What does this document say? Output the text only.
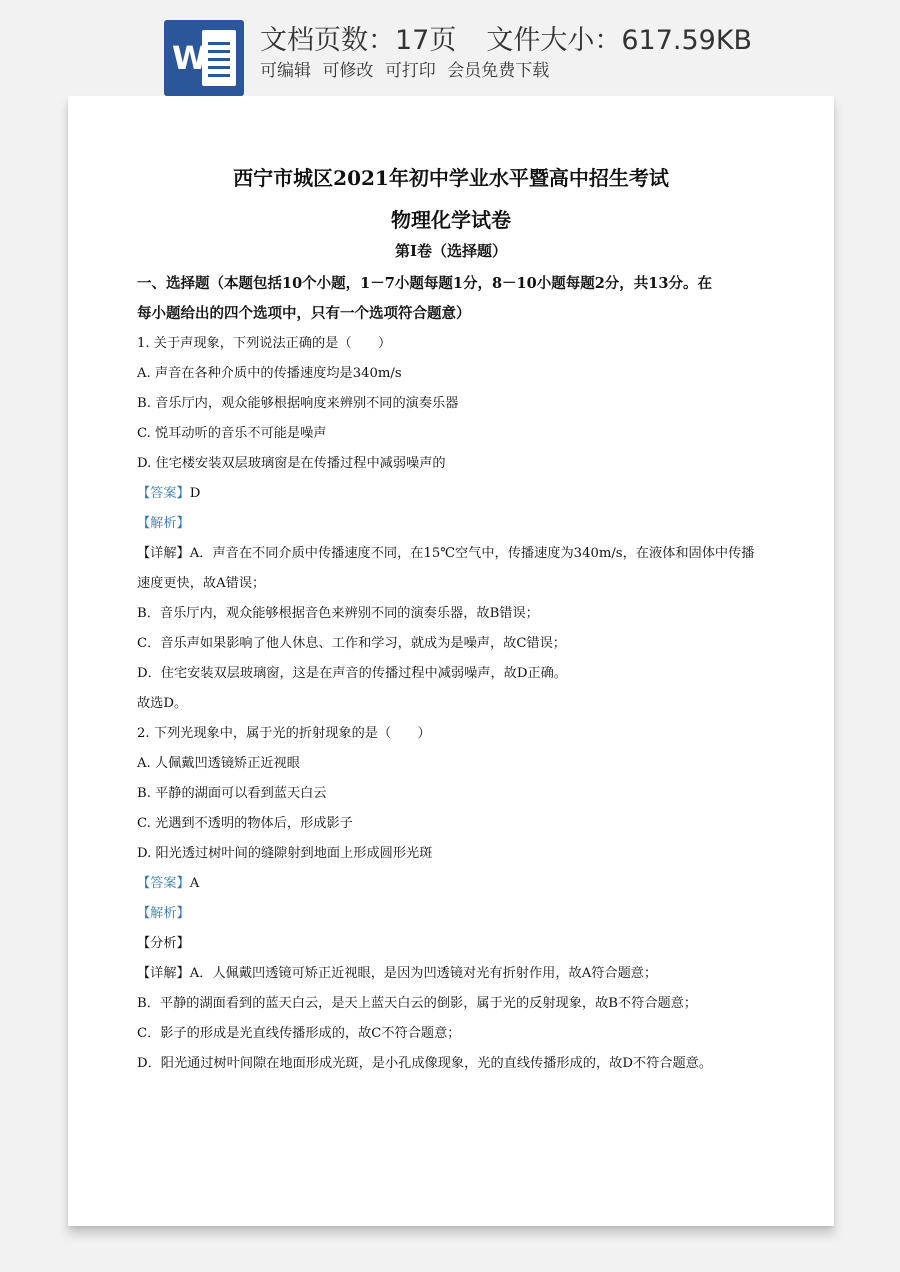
W 文档页数：17页 文件大小：617.59KB
可编辑 可修改 可打印 会员免费下载
西宁市城区2021年初中学业水平暨高中招生考试
物理化学试卷
第Ⅰ卷（选择题）
一、选择题（本题包括10个小题，1－7小题每题1分，8－10小题每题2分，共13分。在
每小题给出的四个选项中，只有一个选项符合题意）
1. 关于声现象，下列说法正确的是（　　）
A. 声音在各种介质中的传播速度均是340m/s
B. 音乐厅内，观众能够根据响度来辨别不同的演奏乐器
C. 悦耳动听的音乐不可能是噪声
D. 住宅楼安装双层玻璃窗是在传播过程中减弱噪声的
【答案】D
【解析】
【详解】A．声音在不同介质中传播速度不同，在15℃空气中，传播速度为340m/s，在液体和固体中传播
速度更快，故A错误；
B．音乐厅内，观众能够根据音色来辨别不同的演奏乐器，故B错误；
C．音乐声如果影响了他人休息、工作和学习，就成为是噪声，故C错误；
D．住宅安装双层玻璃窗，这是在声音的传播过程中减弱噪声，故D正确。
故选D。
2. 下列光现象中，属于光的折射现象的是（　　）
A. 人佩戴凹透镜矫正近视眼
B. 平静的湖面可以看到蓝天白云
C. 光遇到不透明的物体后，形成影子
D. 阳光透过树叶间的缝隙射到地面上形成圆形光斑
【答案】A
【解析】
【分析】
【详解】A．人佩戴凹透镜可矫正近视眼，是因为凹透镜对光有折射作用，故A符合题意；
B．平静的湖面看到的蓝天白云，是天上蓝天白云的倒影，属于光的反射现象，故B不符合题意；
C．影子的形成是光直线传播形成的，故C不符合题意；
D．阳光通过树叶间隙在地面形成光斑，是小孔成像现象，光的直线传播形成的，故D不符合题意。
